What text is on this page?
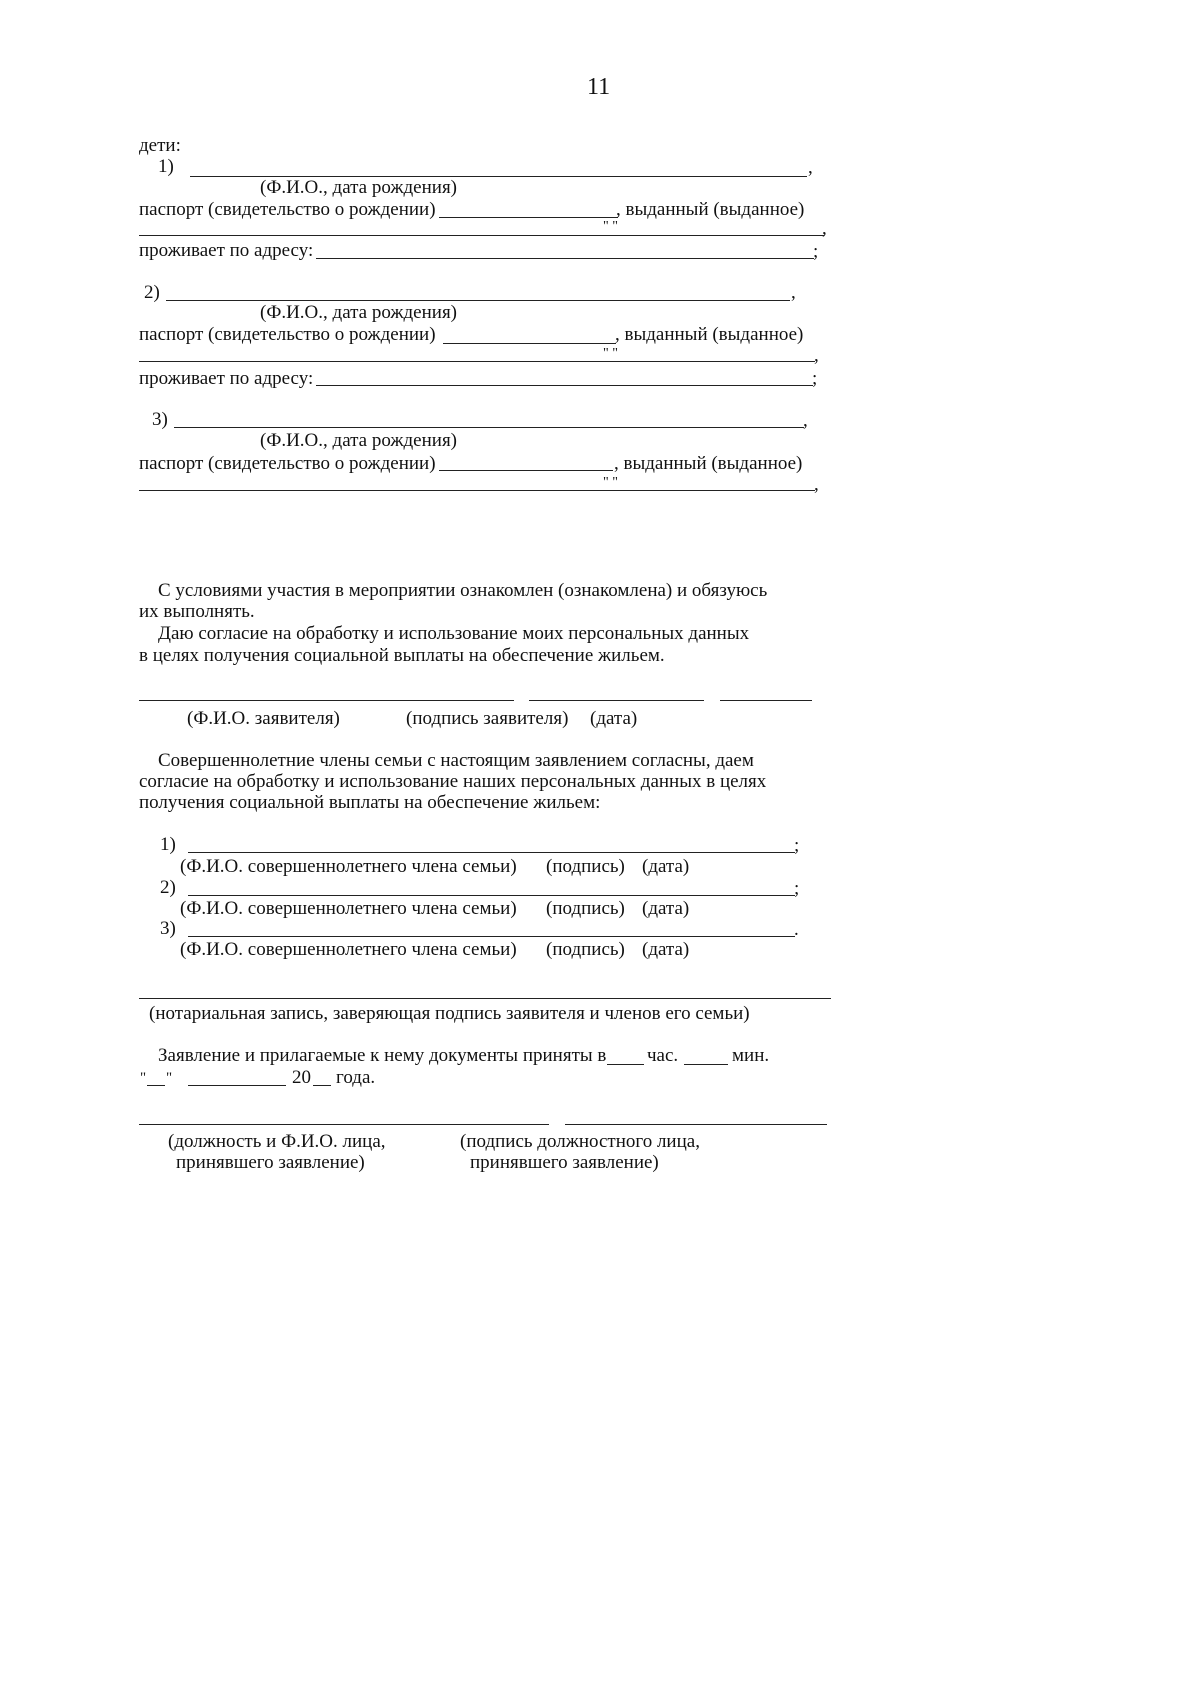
11
дети:
1)	,
(Ф.И.О., дата рождения)
паспорт (свидетельство о рождении)	, выданный (выданное)
,
" "
проживает по адресу:	;
2)	,
(Ф.И.О., дата рождения)
паспорт (свидетельство о рождении)	, выданный (выданное)
,
" "
проживает по адресу:	;
3)	,
(Ф.И.О., дата рождения)
паспорт (свидетельство о рождении)	, выданный (выданное)
,
" "
С условиями участия в мероприятии ознакомлен (ознакомлена) и обязуюсь
их выполнять.
Даю согласие на обработку и использование моих персональных данных
в целях получения социальной выплаты на обеспечение жильем.
(Ф.И.О. заявителя)	(подпись заявителя) (дата)
Совершеннолетние члены семьи с настоящим заявлением согласны, даем
согласие на обработку и использование наших персональных данных в целях
получения социальной выплаты на обеспечение жильем:
1)	;
(Ф.И.О. совершеннолетнего члена семьи) (подпись) (дата)
2)	;
(Ф.И.О. совершеннолетнего члена семьи) (подпись) (дата)
3)	.
(Ф.И.О. совершеннолетнего члена семьи) (подпись) (дата)
(нотариальная запись, заверяющая подпись заявителя и членов его семьи)
Заявление и прилагаемые к нему документы приняты в час.	мин.
" "	20 года.
(должность и Ф.И.О. лица,
принявшего заявление)
(подпись должностного лица,
принявшего заявление)
